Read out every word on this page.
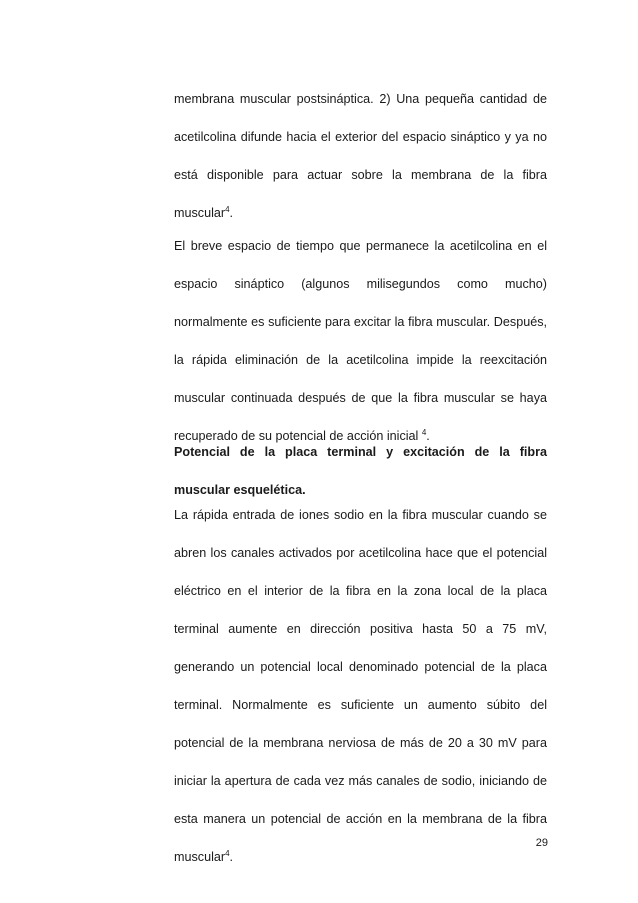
membrana muscular postsináptica. 2) Una pequeña cantidad de
acetilcolina difunde hacia el exterior del espacio sináptico y ya no
está disponible para actuar sobre la membrana de la fibra
muscular$^4$.
El breve espacio de tiempo que permanece la acetilcolina en el
espacio sináptico (algunos milisegundos como mucho)
normalmente es suficiente para excitar la fibra muscular. Después,
la rápida eliminación de la acetilcolina impide la reexcitación
muscular continuada después de que la fibra muscular se haya
recuperado de su potencial de acción inicial $^4$.
Potencial de la placa terminal y excitación de la fibra
muscular esquelética.
La rápida entrada de iones sodio en la fibra muscular cuando se
abren los canales activados por acetilcolina hace que el potencial
eléctrico en el interior de la fibra en la zona local de la placa
terminal aumente en dirección positiva hasta 50 a 75 mV,
generando un potencial local denominado potencial de la placa
terminal. Normalmente es suficiente un aumento súbito del
potencial de la membrana nerviosa de más de 20 a 30 mV para
iniciar la apertura de cada vez más canales de sodio, iniciando de
esta manera un potencial de acción en la membrana de la fibra
muscular$^4$.
29
